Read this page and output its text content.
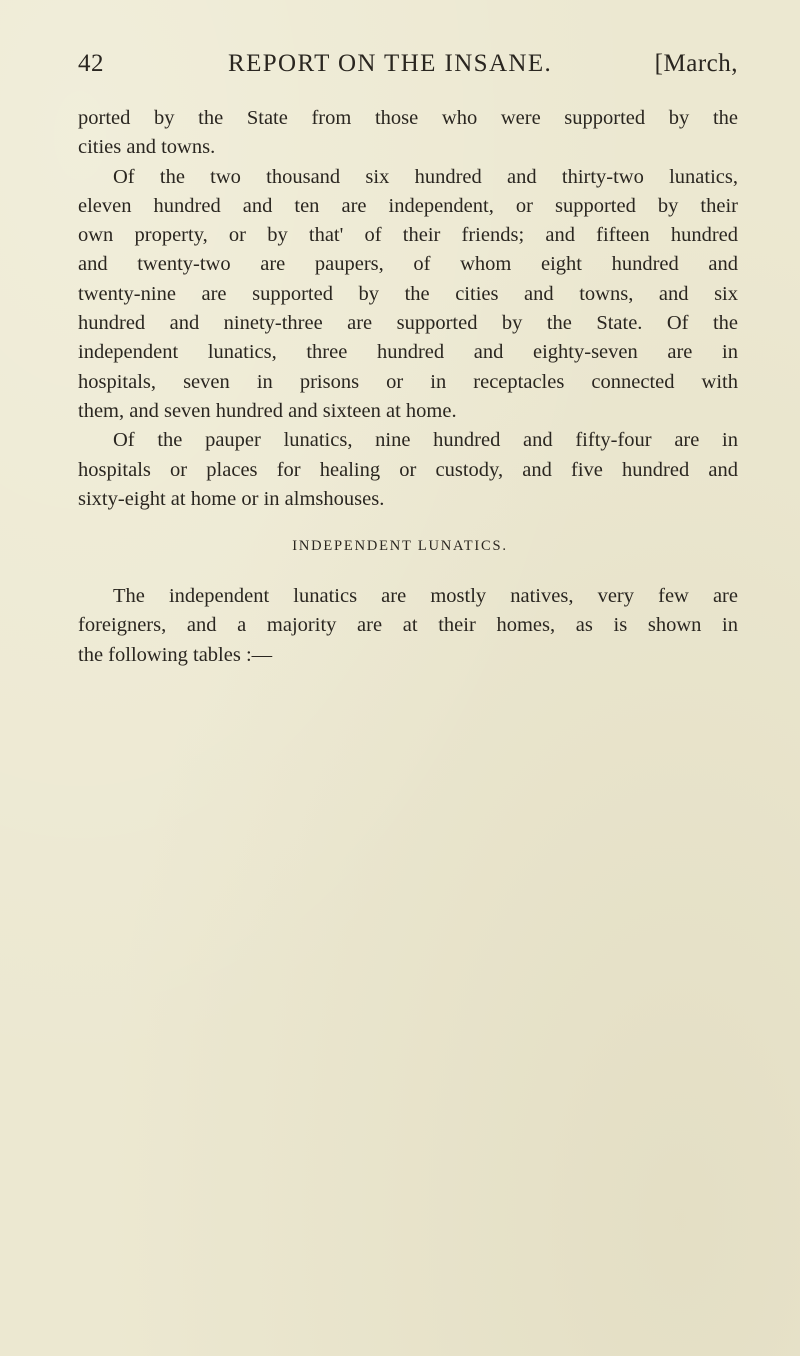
42	REPORT ON THE INSANE.	[March,
ported by the State from those who were supported by the
cities and towns.
Of the two thousand six hundred and thirty-two lunatics,
eleven hundred and ten are independent, or supported by their
own property, or by that' of their friends; and fifteen hundred
and twenty-two are paupers, of whom eight hundred and
twenty-nine are supported by the cities and towns, and six
hundred and ninety-three are supported by the State. Of the
independent lunatics, three hundred and eighty-seven are in
hospitals, seven in prisons or in receptacles connected with
them, and seven hundred and sixteen at home.
Of the pauper lunatics, nine hundred and fifty-four are in
hospitals or places for healing or custody, and five hundred and
sixty-eight at home or in almshouses.
INDEPENDENT LUNATICS.
The independent lunatics are mostly natives, very few are
foreigners, and a majority are at their homes, as is shown in
the following tables :—
